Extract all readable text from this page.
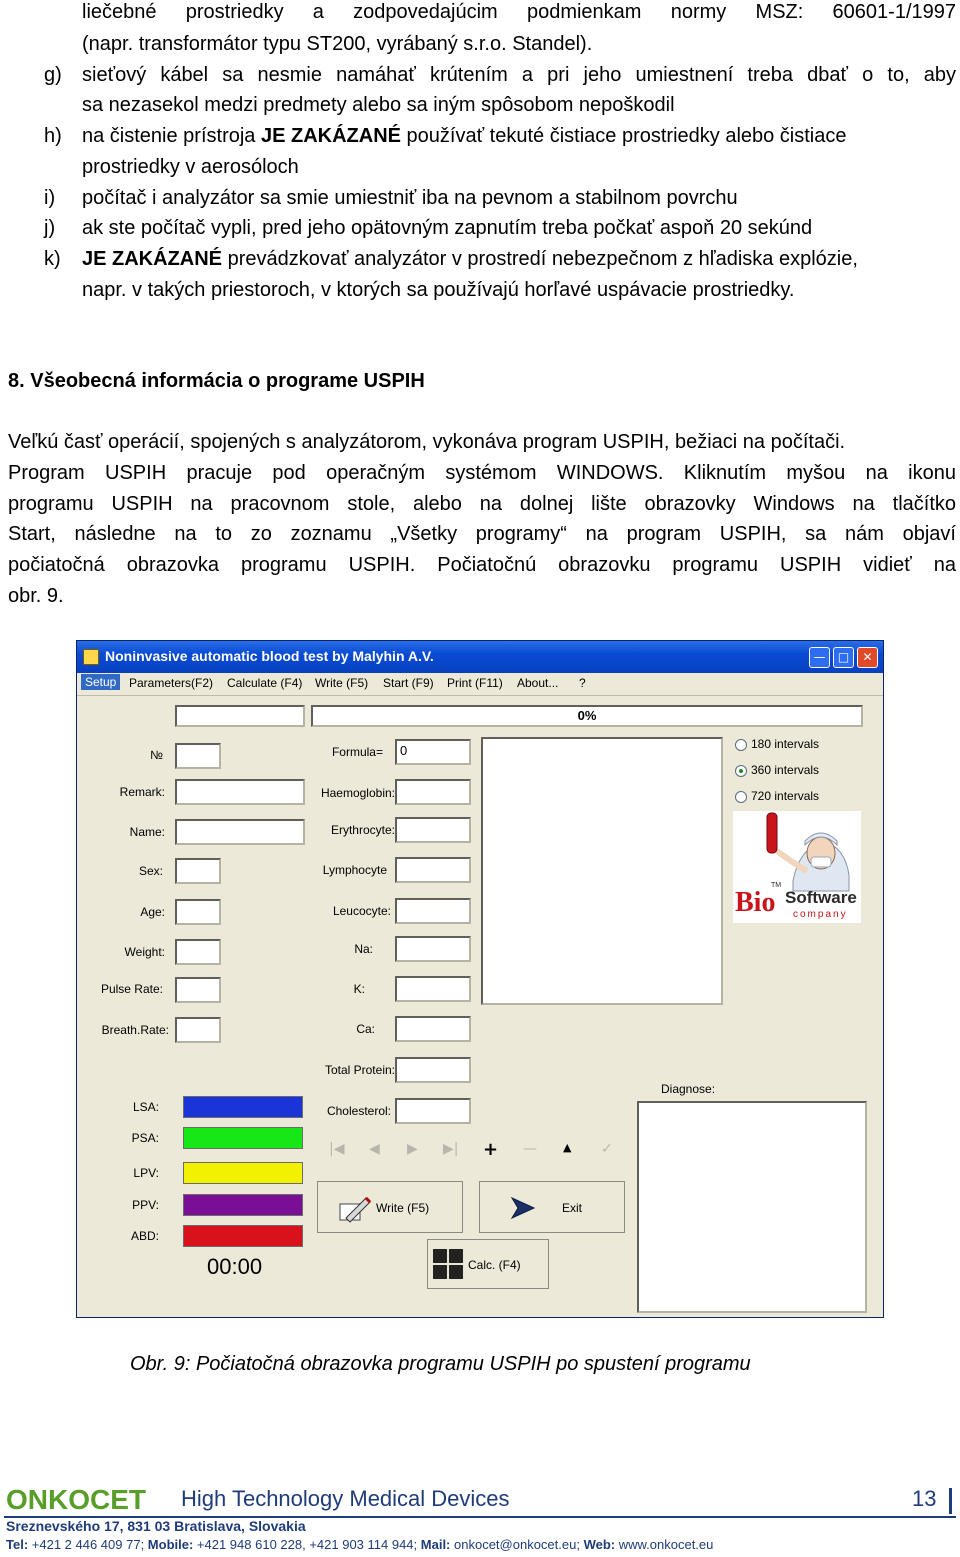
liečebné prostriedky a zodpovedajúcim podmienkam normy MSZ: 60601-1/1997
(napr. transformátor typu ST200, vyrábaný s.r.o. Standel).
g) sieťový kábel sa nesmie namáhať krútením a pri jeho umiestnení treba dbať o to, aby
sa nezasekol medzi predmety alebo sa iným spôsobom nepoškodil
h) na čistenie prístroja JE ZAKÁZANÉ používať tekuté čistiace prostriedky alebo čistiace
prostriedky v aerosóloch
i) počítač i analyzátor sa smie umiestniť iba na pevnom a stabilnom povrchu
j) ak ste počítač vypli, pred jeho opätovným zapnutím treba počkať aspoň 20 sekúnd
k) JE ZAKÁZANÉ prevádzkovať analyzátor v prostredí nebezpečnom z hľadiska explózie,
napr. v takých priestoroch, v ktorých sa používajú horľavé uspávacie prostriedky.
8. Všeobecná informácia o programe USPIH
Veľkú časť operácií, spojených s analyzátorom, vykonáva program USPIH, bežiaci na počítači.
Program USPIH pracuje pod operačným systémom WINDOWS. Kliknutím myšou na ikonu
programu USPIH na pracovnom stole, alebo na dolnej lište obrazovky Windows na tlačítko
Start, následne na to zo zoznamu „Všetky programy“ na program USPIH, sa nám objaví
počiatočná obrazovka programu USPIH. Počiatočnú obrazovku programu USPIH vidieť na
obr. 9.
Noninvasive automatic blood test by Malyhin A.V.	—	□	✕
Setup	Parameters(F2) Calculate (F4) Write (F5) Start (F9) Print (F11) About... ?
0%
№
Remark:
Name:
Sex:
Age:
Weight:
Pulse Rate:
Breath.Rate:
Formula=	0
Haemoglobin:
Erythrocyte:
Lymphocyte
Leucocyte:
Na:
K:
Ca:
Total Protein:
Cholesterol:
LSA:
PSA:
LPV:
PPV:
ABD:
00:00
180 intervals
360 intervals
720 intervals
Bio Software
company
TM
|◀ ◀ ▶ ▶| + — ▲ ✓
Diagnose:
Write (F5)	Exit
Calc. (F4)
Obr. 9: Počiatočná obrazovka programu USPIH po spustení programu
ONKOCET High Technology Medical Devices	13
Sreznevského 17, 831 03 Bratislava, Slovakia
Tel: +421 2 446 409 77; Mobile: +421 948 610 228, +421 903 114 944; Mail: onkocet@onkocet.eu; Web: www.onkocet.eu
